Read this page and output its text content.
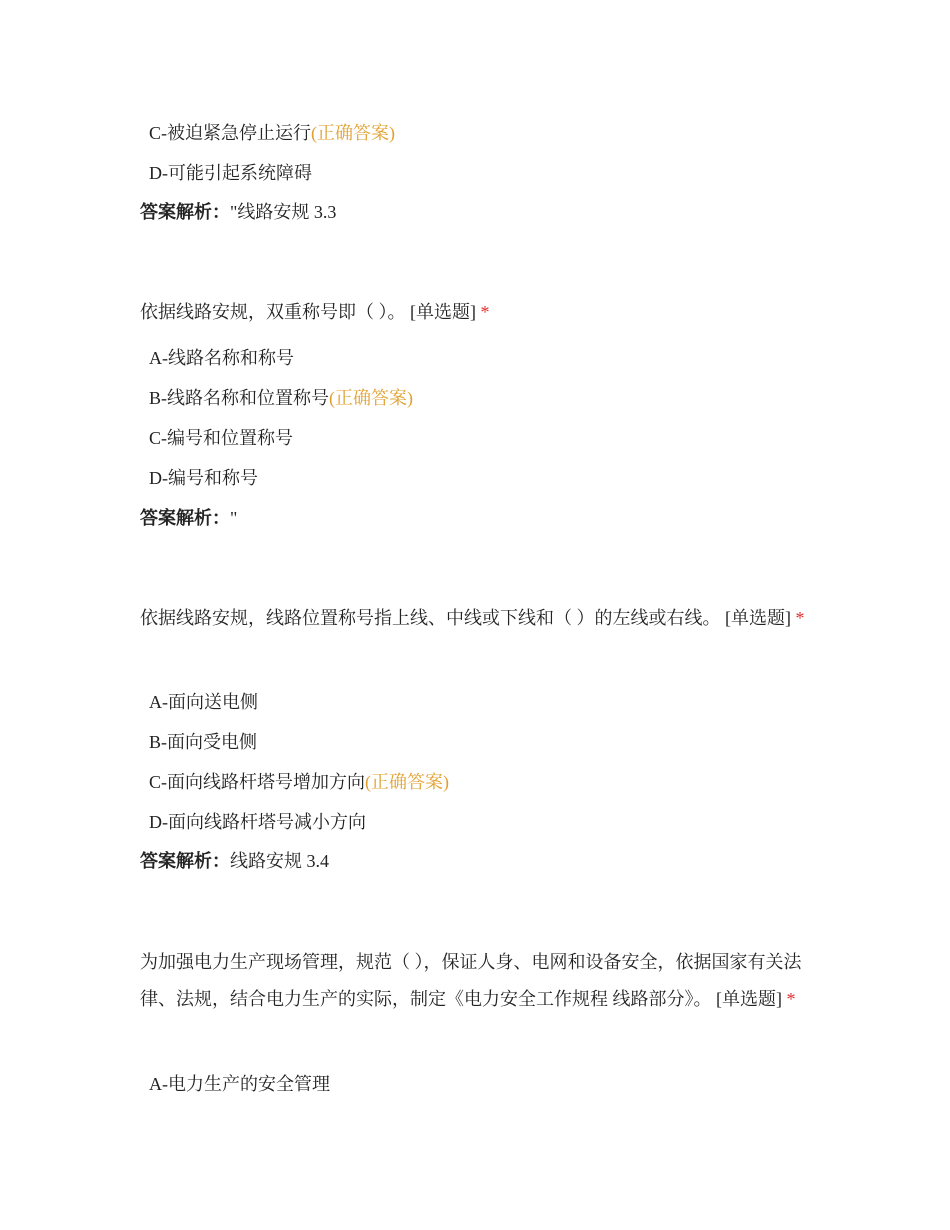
C-被迫紧急停止运行(正确答案)
D-可能引起系统障碍
答案解析："线路安规 3.3
依据线路安规，双重称号即（ ）。 [单选题] *
A-线路名称和称号
B-线路名称和位置称号(正确答案)
C-编号和位置称号
D-编号和称号
答案解析："
依据线路安规，线路位置称号指上线、中线或下线和（ ）的左线或右线。 [单选题] *
A-面向送电侧
B-面向受电侧
C-面向线路杆塔号增加方向(正确答案)
D-面向线路杆塔号减小方向
答案解析：线路安规 3.4
为加强电力生产现场管理，规范（ ），保证人身、电网和设备安全，依据国家有关法律、法规，结合电力生产的实际，制定《电力安全工作规程 线路部分》。 [单选题] *
A-电力生产的安全管理
